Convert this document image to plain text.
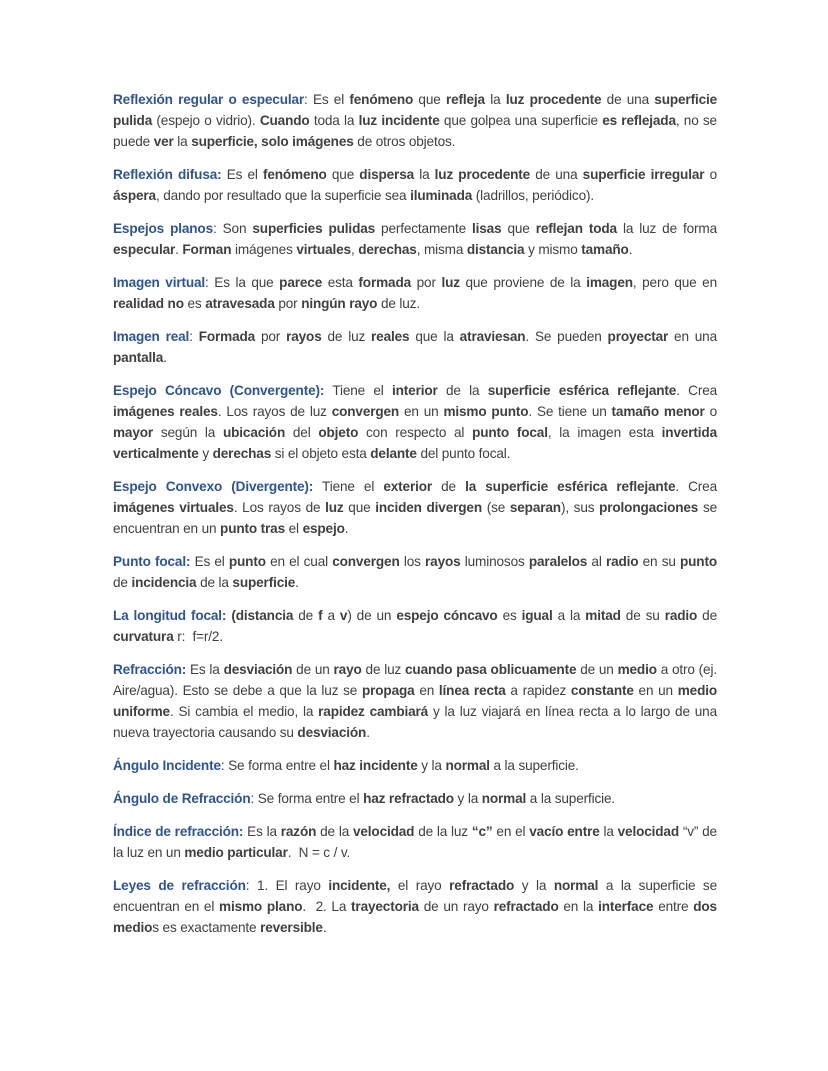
Reflexión regular o especular: Es el fenómeno que refleja la luz procedente de una superficie pulida (espejo o vidrio). Cuando toda la luz incidente que golpea una superficie es reflejada, no se puede ver la superficie, solo imágenes de otros objetos.

Reflexión difusa: Es el fenómeno que dispersa la luz procedente de una superficie irregular o áspera, dando por resultado que la superficie sea iluminada (ladrillos, periódico).

Espejos planos: Son superficies pulidas perfectamente lisas que reflejan toda la luz de forma especular. Forman imágenes virtuales, derechas, misma distancia y mismo tamaño.

Imagen virtual: Es la que parece esta formada por luz que proviene de la imagen, pero que en realidad no es atravesada por ningún rayo de luz.

Imagen real: Formada por rayos de luz reales que la atraviesan. Se pueden proyectar en una pantalla.

Espejo Cóncavo (Convergente): Tiene el interior de la superficie esférica reflejante. Crea imágenes reales. Los rayos de luz convergen en un mismo punto. Se tiene un tamaño menor o mayor según la ubicación del objeto con respecto al punto focal, la imagen esta invertida verticalmente y derechas si el objeto esta delante del punto focal.

Espejo Convexo (Divergente): Tiene el exterior de la superficie esférica reflejante. Crea imágenes virtuales. Los rayos de luz que inciden divergen (se separan), sus prolongaciones se encuentran en un punto tras el espejo.

Punto focal: Es el punto en el cual convergen los rayos luminosos paralelos al radio en su punto de incidencia de la superficie.

La longitud focal: (distancia de f a v) de un espejo cóncavo es igual a la mitad de su radio de curvatura r:  f=r/2.

Refracción: Es la desviación de un rayo de luz cuando pasa oblicuamente de un medio a otro (ej. Aire/agua). Esto se debe a que la luz se propaga en línea recta a rapidez constante en un medio uniforme. Si cambia el medio, la rapidez cambiará y la luz viajará en línea recta a lo largo de una nueva trayectoria causando su desviación.

Ángulo Incidente: Se forma entre el haz incidente y la normal a la superficie.

Ángulo de Refracción: Se forma entre el haz refractado y la normal a la superficie.

Índice de refracción: Es la razón de la velocidad de la luz “c” en el vacío entre la velocidad “v” de la luz en un medio particular.  N = c / v.

Leyes de refracción: 1. El rayo incidente, el rayo refractado y la normal a la superficie se encuentran en el mismo plano.  2. La trayectoria de un rayo refractado en la interface entre dos medios es exactamente reversible.
